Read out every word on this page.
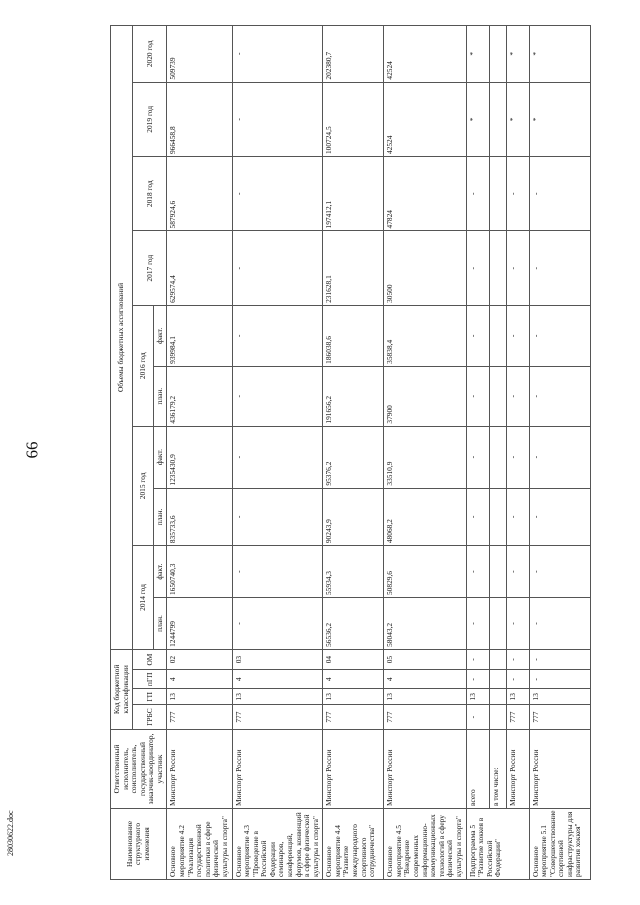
66
28030622.doc	Наименование структурного изменения	Ответственный исполнитель, соисполнитель, государственный заказчик-координатор, участник	Код бюджетной классификации				Объемы бюджетных ассигнований									
		ГРБС	ГП	пГП	ОМ	2014 год		2015 год		2016 год		2017 год	2018 год	2019 год	2020 год
						план.	факт.	план.	факт.	план.	факт.				
Основное мероприятие 4.2 "Реализация государственной политики в сфере физической культуры и спорта"	Минспорт России	777	13	4	02	1244799	1650740,3	835733,6	1235430,9	436179,2	939984,1	629574,4	587924,6	966458,8	509739
Основное мероприятие 4.3 "Проведение в Российской Федерации семинаров, конференций, форумов, конвенций в сфере физической культуры и спорта"	Минспорт России	777	13	4	03	-	-	-	-	-	-	-	-	-	-
Основное мероприятие 4.4 "Развитие международного спортивного сотрудничества"	Минспорт России	777	13	4	04	56536,2	55934,3	90243,9	95376,2	191656,2	186038,6	231628,1	197412,1	100724,5	202380,7
Основное мероприятие 4.5 "Внедрение современных информационно-коммуникационных технологий в сферу физической культуры и спорта"	Минспорт России	777	13	4	05	58043,2	50829,6	48068,2	33510,9	37900	35838,4	30500	47824	42524	42524
Подпрограмма 5 "Развитие хоккея в Российской Федерации"	всего	-	13	-	-	-	-	-	-	-	-	-	-	*	*
	в том числе:														
	Минспорт России	777	13	-	-	-	-	-	-	-	-	-	-	*	*
Основное мероприятие 5.1 "Совершенствование спортивной инфраструктуры для развития хоккея"	Минспорт России	777	13	-	-	-	-	-	-	-	-	-	-	*	*
